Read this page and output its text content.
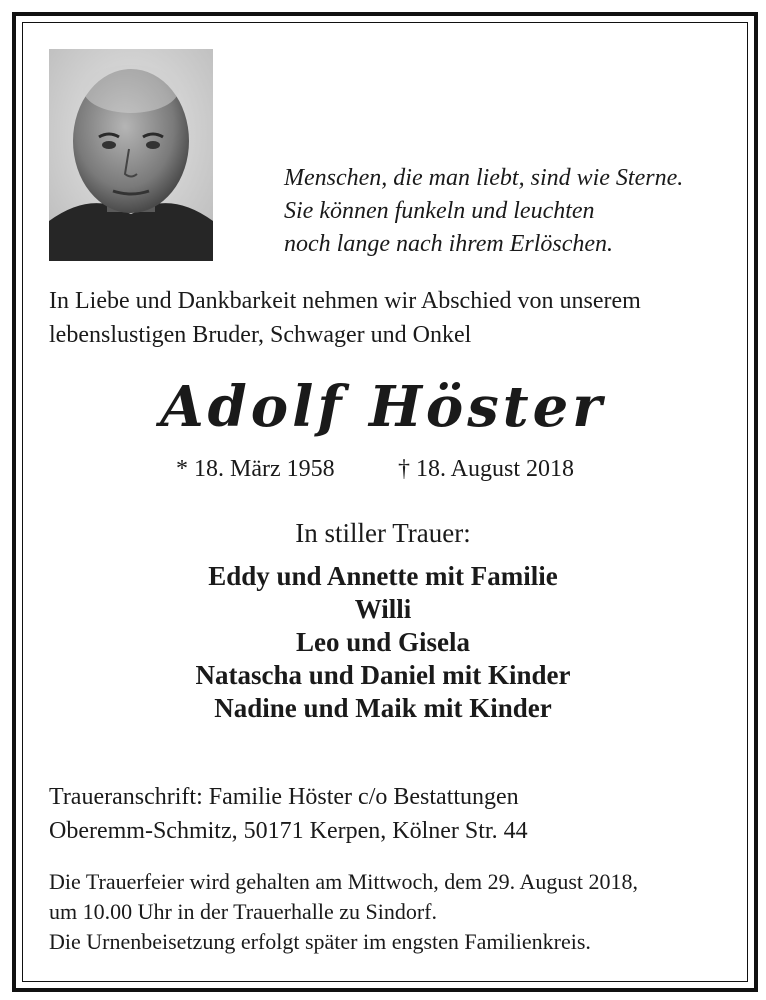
Menschen, die man liebt, sind wie Sterne.
Sie können funkeln und leuchten
noch lange nach ihrem Erlöschen.
In Liebe und Dankbarkeit nehmen wir Abschied von unserem
lebenslustigen Bruder, Schwager und Onkel
Adolf Höster
* 18. März 1958	† 18. August 2018
In stiller Trauer:
Eddy und Annette mit Familie
Willi
Leo und Gisela
Natascha und Daniel mit Kinder
Nadine und Maik mit Kinder
Traueranschrift: Familie Höster c/o Bestattungen
Oberemm-Schmitz, 50171 Kerpen, Kölner Str. 44
Die Trauerfeier wird gehalten am Mittwoch, dem 29. August 2018,
um 10.00 Uhr in der Trauerhalle zu Sindorf.
Die Urnenbeisetzung erfolgt später im engsten Familienkreis.
